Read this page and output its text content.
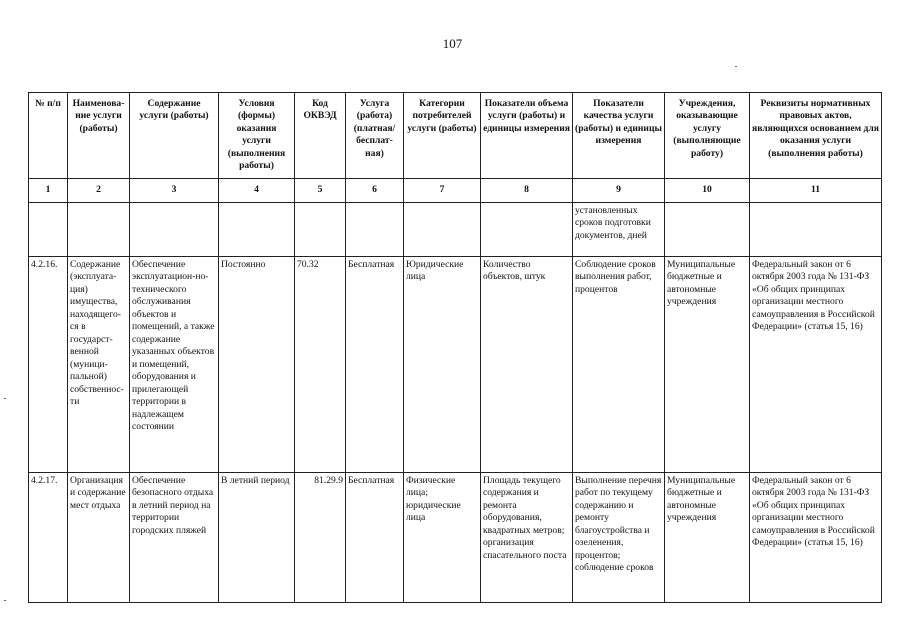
107
№ п/п	Наименова-ние услуги (работы)	Содержание услуги (работы)	Условия (формы) оказания услуги (выполнения работы)	Код ОКВЭД	Услуга (работа) (платная/ бесплат-ная)	Категории потребителей услуги (работы)	Показатели объема услуги (работы) и единицы измерения	Показатели качества услуги (работы) и единицы измерения	Учреждения, оказывающие услугу (выполняющие работу)	Реквизиты нормативных правовых актов, являющихся основанием для оказания услуги (выполнения работы)
1	2	3	4	5	6	7	8	9	10	11
								установленных сроков подготовки документов, дней		
4.2.16.	Содержание (эксплуата-ция) имущества, находящего-ся в государст-венной (муници-пальной) собственнос-ти	Обеспечение эксплуатацион-но-технического обслуживания объектов и помещений, а также содержание указанных объектов и помещений, оборудования и прилегающей территории в надлежащем состоянии	Постоянно	70.32	Бесплатная	Юридические лица	Количество объектов, штук	Соблюдение сроков выполнения работ, процентов	Муниципальные бюджетные и автономные учреждения	Федеральный закон от 6 октября 2003 года № 131-ФЗ «Об общих принципах организации местного самоуправления в Российской Федерации» (статья 15, 16)
4.2.17.	Организация и содержание мест отдыха	Обеспечение безопасного отдыха в летний период на территории городских пляжей	В летний период	81.29.9	Бесплатная	Физические лица; юридические лица	Площадь текущего содержания и ремонта оборудования, квадратных метров; организация спасательного поста	Выполнение перечня работ по текущему содержанию и ремонту благоустройства и озеленения, процентов; соблюдение сроков	Муниципальные бюджетные и автономные учреждения	Федеральный закон от 6 октября 2003 года № 131-ФЗ «Об общих принципах организации местного самоуправления в Российской Федерации» (статья 15, 16)
